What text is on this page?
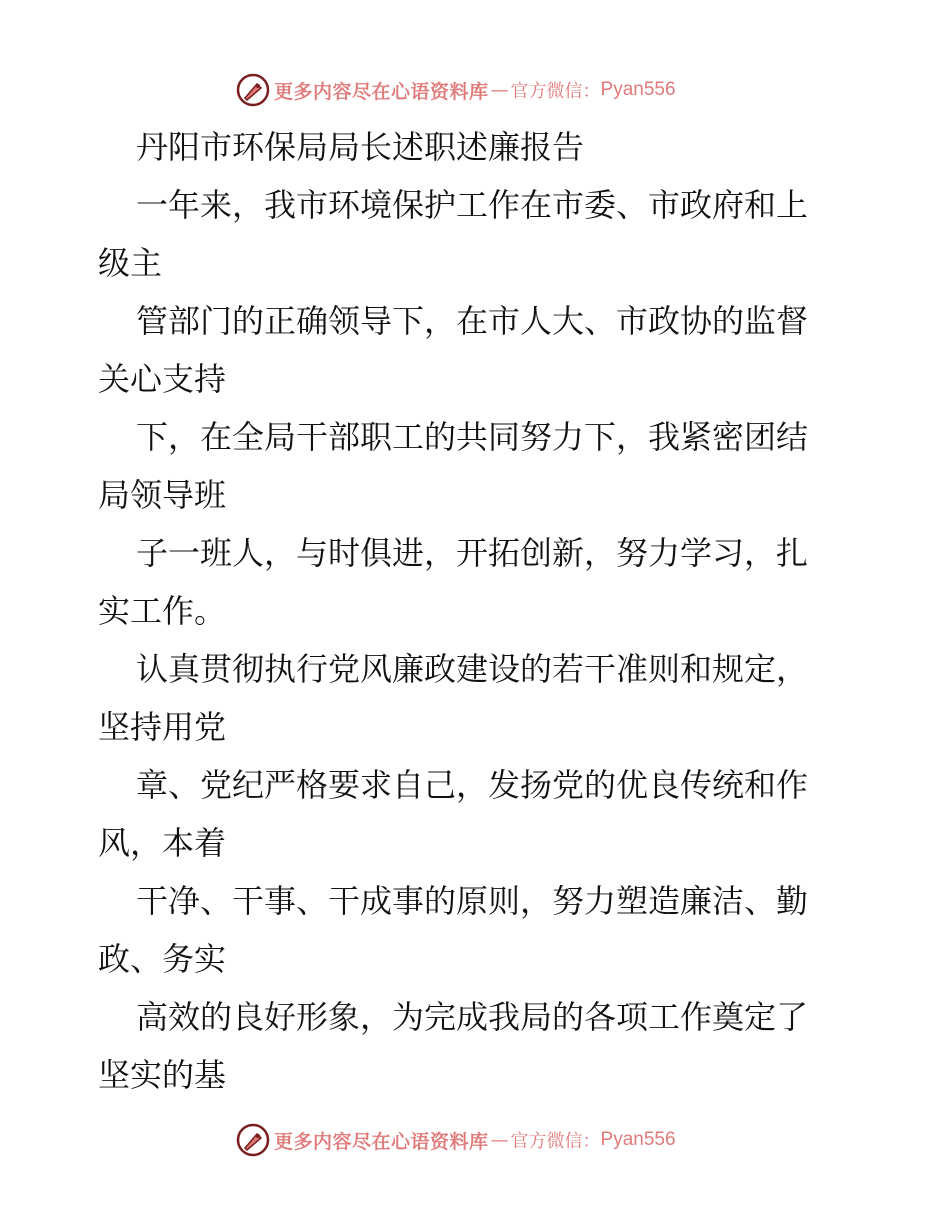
更多内容尽在心语资料库 — 官方微信： Pyan556
丹阳市环保局局长述职述廉报告
一年来，我市环境保护工作在市委、市政府和上
级主
管部门的正确领导下，在市人大、市政协的监督
关心支持
下，在全局干部职工的共同努力下，我紧密团结
局领导班
子一班人，与时俱进，开拓创新，努力学习，扎
实工作。
认真贯彻执行党风廉政建设的若干准则和规定，
坚持用党
章、党纪严格要求自己，发扬党的优良传统和作
风，本着
干净、干事、干成事的原则，努力塑造廉洁、勤
政、务实
高效的良好形象，为完成我局的各项工作奠定了
坚实的基
更多内容尽在心语资料库 — 官方微信： Pyan556
